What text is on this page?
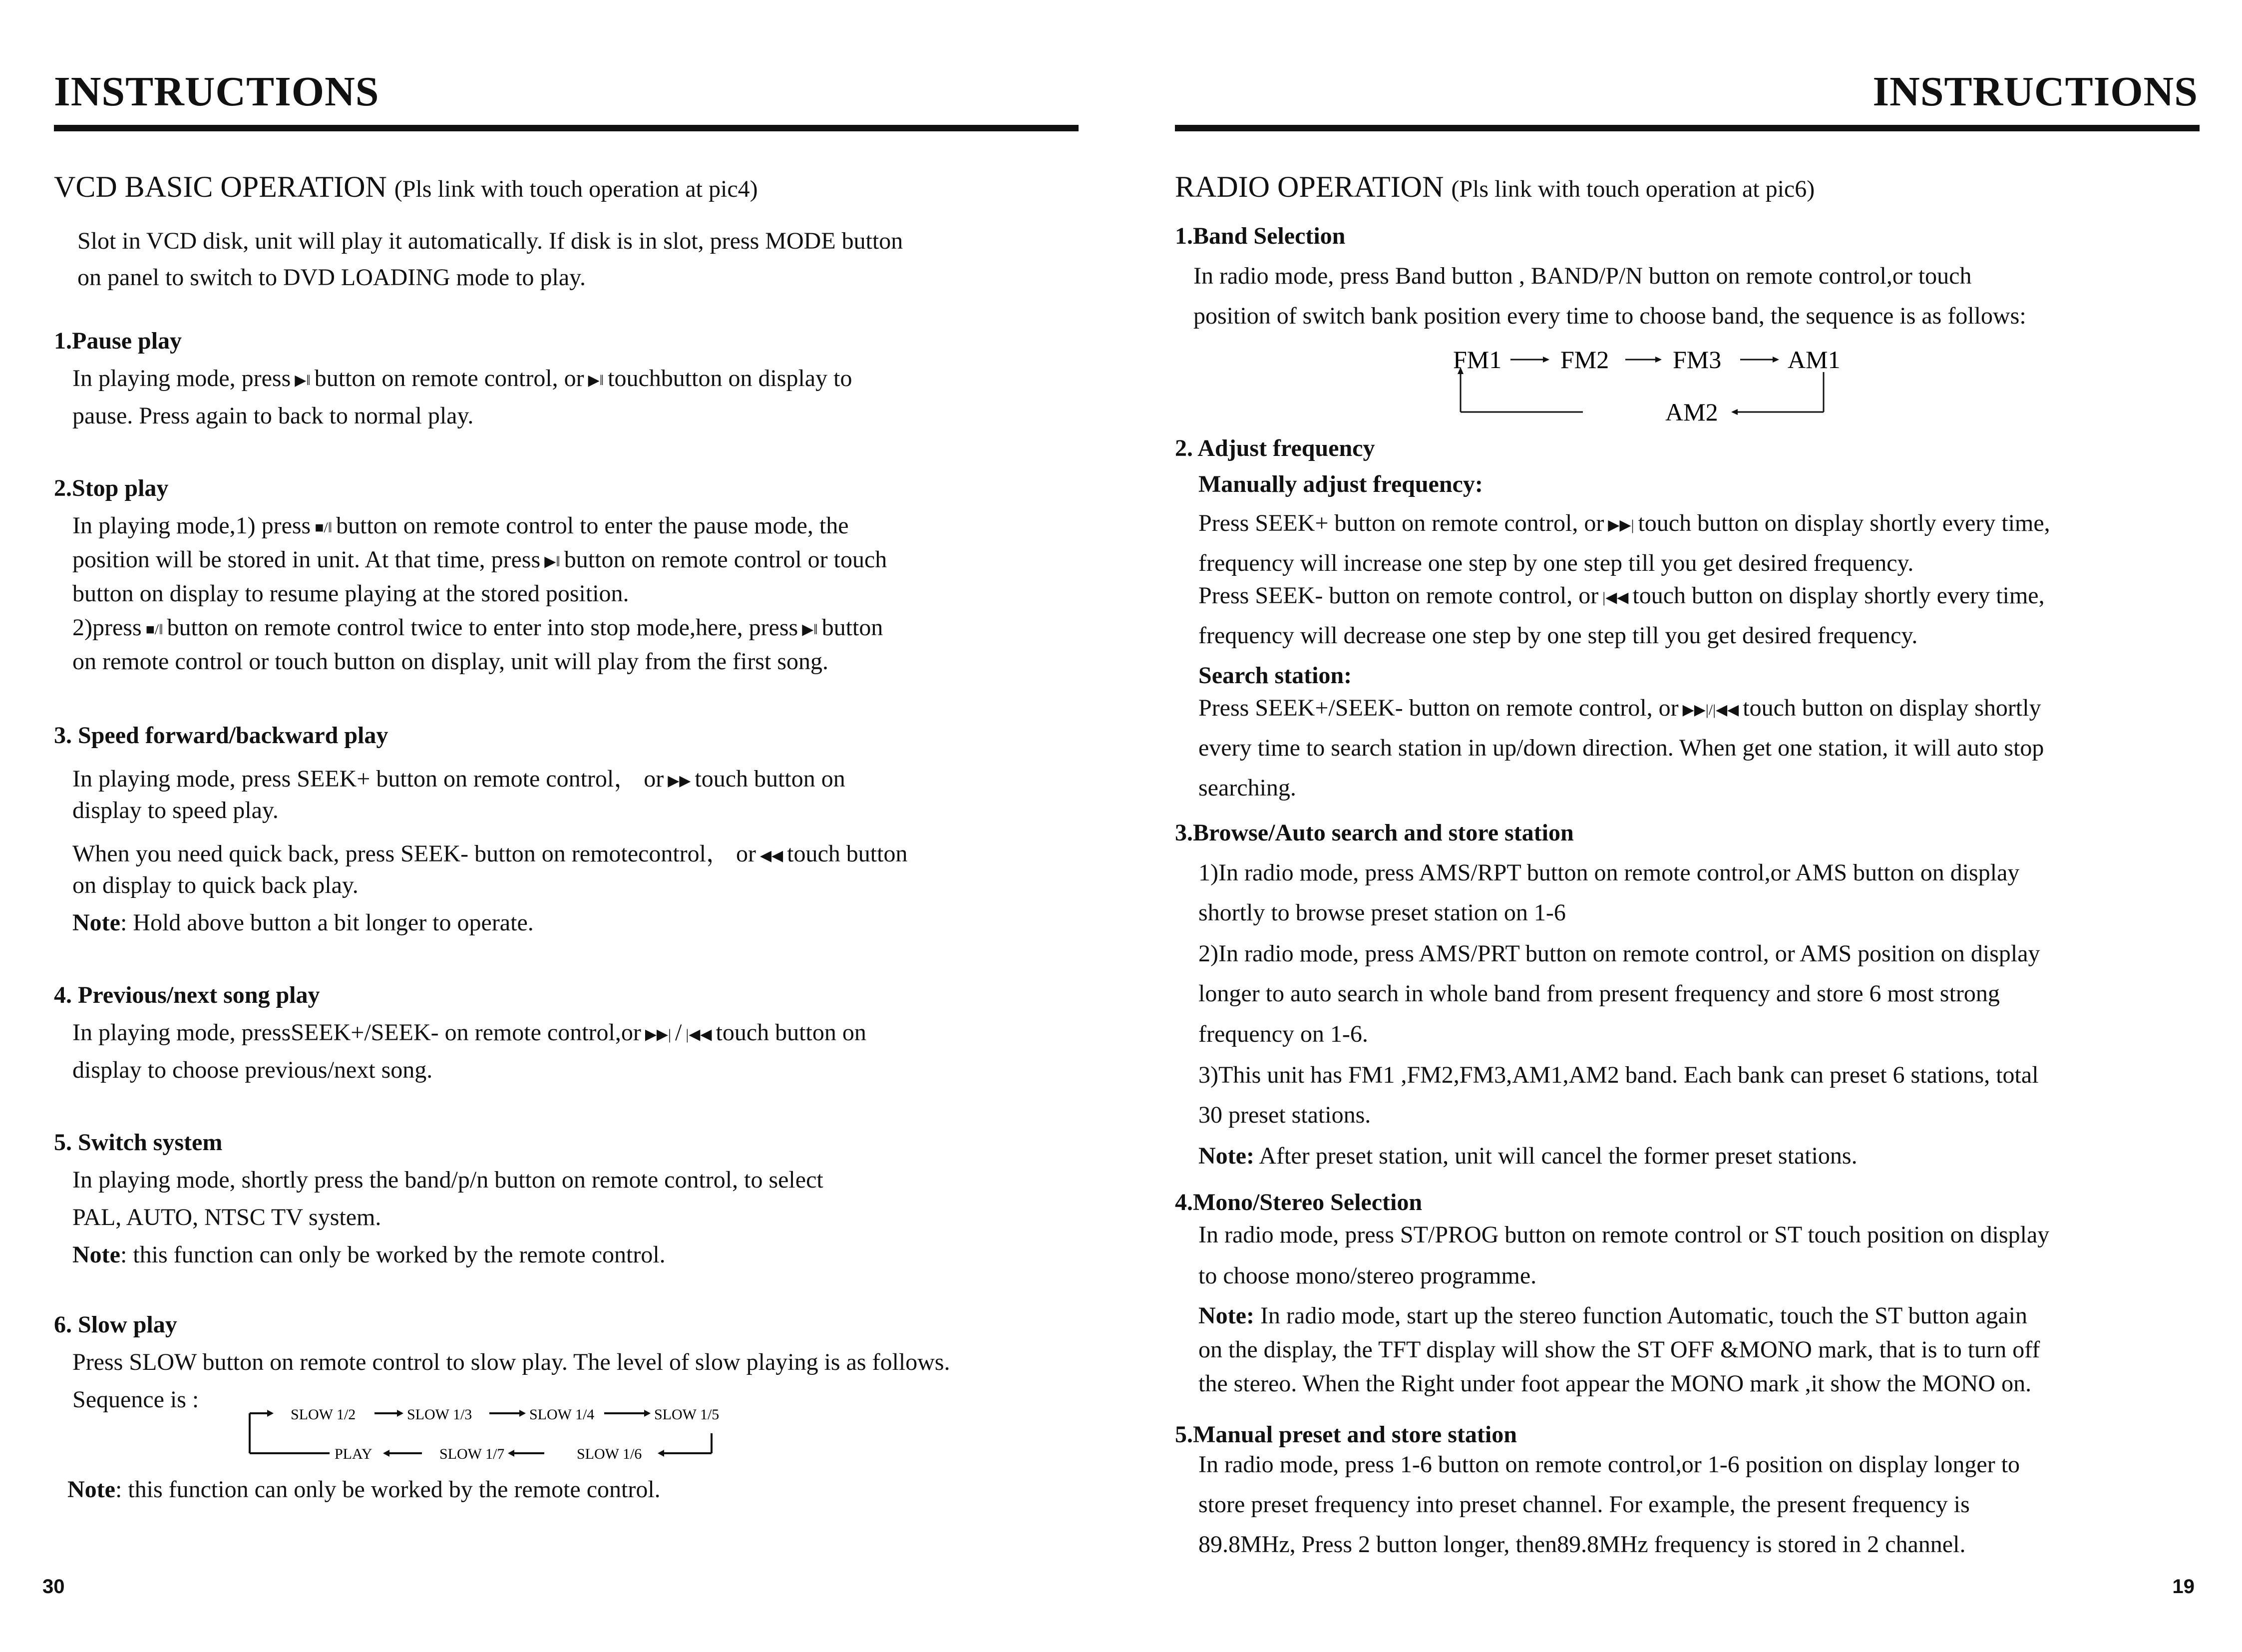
INSTRUCTIONS
VCD BASIC OPERATION (Pls link with touch operation at pic4)
Slot in VCD disk, unit will play it automatically. If disk is in slot, press MODE button
on panel to switch to DVD LOADING mode to play.
1.Pause play
In playing mode, press ▶‖ button on remote control, or ▶‖ touchbutton on display to
pause. Press again to back to normal play.
2.Stop play
In playing mode,1) press ■/‖ button on remote control to enter the pause mode, the
position will be stored in unit. At that time, press ▶‖ button on remote control or touch
button on display to resume playing at the stored position.
2)press ■/‖ button on remote control twice to enter into stop mode,here, press ▶‖ button
on remote control or touch button on display, unit will play from the first song.
3. Speed forward/backward play
In playing mode, press SEEK+ button on remote control， or ▶▶ touch button on
display to speed play.
When you need quick back, press SEEK- button on remotecontrol， or ◀◀ touch button
on display to quick back play.
Note: Hold above button a bit longer to operate.
4. Previous/next song play
In playing mode, pressSEEK+/SEEK- on remote control,or ▶▶| / |◀◀ touch button on
display to choose previous/next song.
5. Switch system
In playing mode, shortly press the band/p/n button on remote control, to select
PAL, AUTO, NTSC TV system.
Note: this function can only be worked by the remote control.
6. Slow play
Press SLOW button on remote control to slow play. The level of slow playing is as follows.
Sequence is :
SLOW 1/2	SLOW 1/3	SLOW 1/4	SLOW 1/5
PLAY	SLOW 1/7	SLOW 1/6
Note: this function can only be worked by the remote control.
30
INSTRUCTIONS
RADIO OPERATION (Pls link with touch operation at pic6)
1.Band Selection
In radio mode, press Band button , BAND/P/N button on remote control,or touch
position of switch bank position every time to choose band, the sequence is as follows:
FM1 FM2	FM3	AM1
AM2
2. Adjust frequency
Manually adjust frequency:
Press SEEK+ button on remote control, or ▶▶| touch button on display shortly every time,
frequency will increase one step by one step till you get desired frequency.
Press SEEK- button on remote control, or |◀◀ touch button on display shortly every time,
frequency will decrease one step by one step till you get desired frequency.
Search station:
Press SEEK+/SEEK- button on remote control, or ▶▶|/|◀◀ touch button on display shortly
every time to search station in up/down direction. When get one station, it will auto stop
searching.
3.Browse/Auto search and store station
1)In radio mode, press AMS/RPT button on remote control,or AMS button on display
shortly to browse preset station on 1-6
2)In radio mode, press AMS/PRT button on remote control, or AMS position on display
longer to auto search in whole band from present frequency and store 6 most strong
frequency on 1-6.
3)This unit has FM1 ,FM2,FM3,AM1,AM2 band. Each bank can preset 6 stations, total
30 preset stations.
Note: After preset station, unit will cancel the former preset stations.
4.Mono/Stereo Selection
In radio mode, press ST/PROG button on remote control or ST touch position on display
to choose mono/stereo programme.
Note: In radio mode, start up the stereo function Automatic, touch the ST button again
on the display, the TFT display will show the ST OFF &MONO mark, that is to turn off
the stereo. When the Right under foot appear the MONO mark ,it show the MONO on.
5.Manual preset and store station
In radio mode, press 1-6 button on remote control,or 1-6 position on display longer to
store preset frequency into preset channel. For example, the present frequency is
89.8MHz, Press 2 button longer, then89.8MHz frequency is stored in 2 channel.
19
